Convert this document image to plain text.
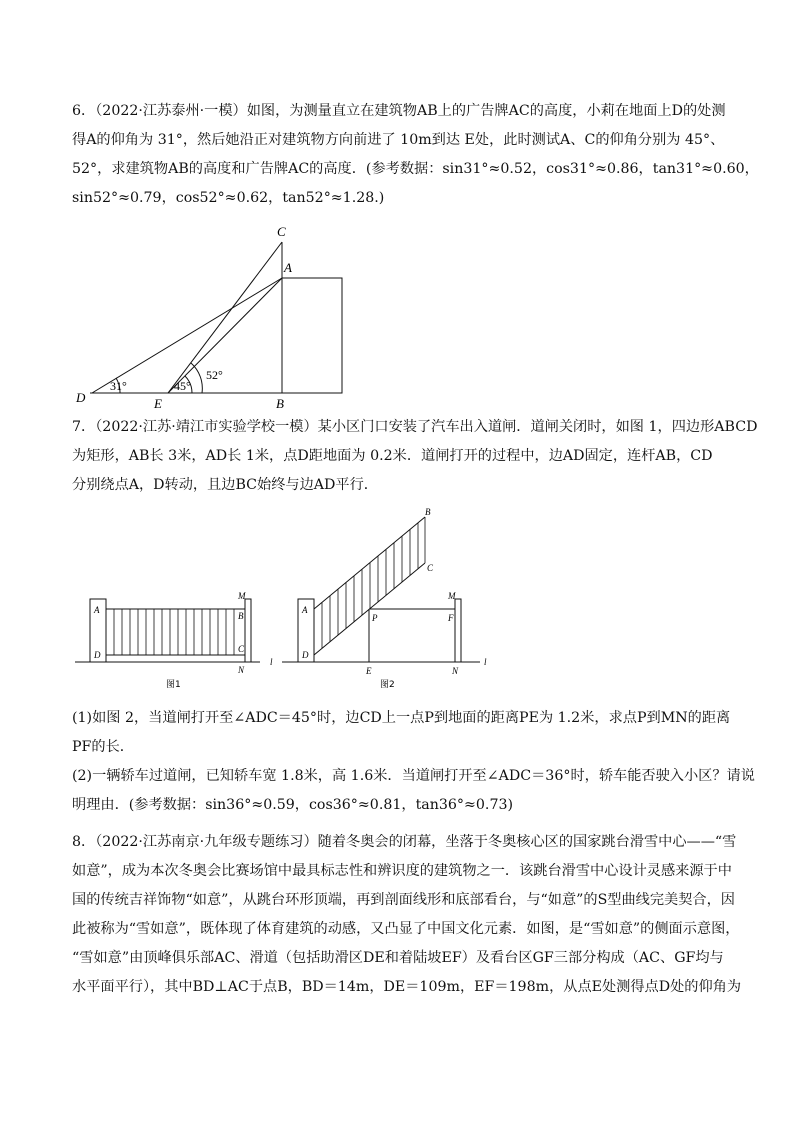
6．（2022·江苏泰州·一模）如图，为测量直立在建筑物AB上的广告牌AC的高度，小莉在地面上D的处测
得A的仰角为 31°，然后她沿正对建筑物方向前进了 10m到达 E处，此时测试A、C的仰角分别为 45°、
52°，求建筑物AB的高度和广告牌AC的高度．(参考数据：sin31°≈0.52，cos31°≈0.86，tan31°≈0.60，
sin52°≈0.79，cos52°≈0.62，tan52°≈1.28.)
C
A
D	E	B
31°	45°
52°
7．（2022·江苏·靖江市实验学校一模）某小区门口安装了汽车出入道闸．道闸关闭时，如图 1，四边形ABCD
为矩形，AB长 3米，AD长 1米，点D距地面为 0.2米．道闸打开的过程中，边AD固定，连杆AB，CD
分别绕点A，D转动，且边BC始终与边AD平行．
A
D
M
B
C
N
l
图1
A
D
B
C
M
P	F
E	N
l
图2
(1)如图 2，当道闸打开至∠ADC＝45°时，边CD上一点P到地面的距离PE为 1.2米，求点P到MN的距离
PF的长．
(2)一辆轿车过道闸，已知轿车宽 1.8米，高 1.6米．当道闸打开至∠ADC＝36°时，轿车能否驶入小区？请说
明理由．(参考数据：sin36°≈0.59，cos36°≈0.81，tan36°≈0.73)
8．（2022·江苏南京·九年级专题练习）随着冬奥会的闭幕，坐落于冬奥核心区的国家跳台滑雪中心——“雪
如意”，成为本次冬奥会比赛场馆中最具标志性和辨识度的建筑物之一．该跳台滑雪中心设计灵感来源于中
国的传统吉祥饰物“如意”，从跳台环形顶端，再到剖面线形和底部看台，与“如意”的S型曲线完美契合，因
此被称为“雪如意”，既体现了体育建筑的动感，又凸显了中国文化元素．如图，是“雪如意”的侧面示意图，
“雪如意”由顶峰俱乐部AC、滑道（包括助滑区DE和着陆坡EF）及看台区GF三部分构成（AC、GF均与
水平面平行），其中BD⊥AC于点B，BD＝14m，DE＝109m，EF＝198m，从点E处测得点D处的仰角为
